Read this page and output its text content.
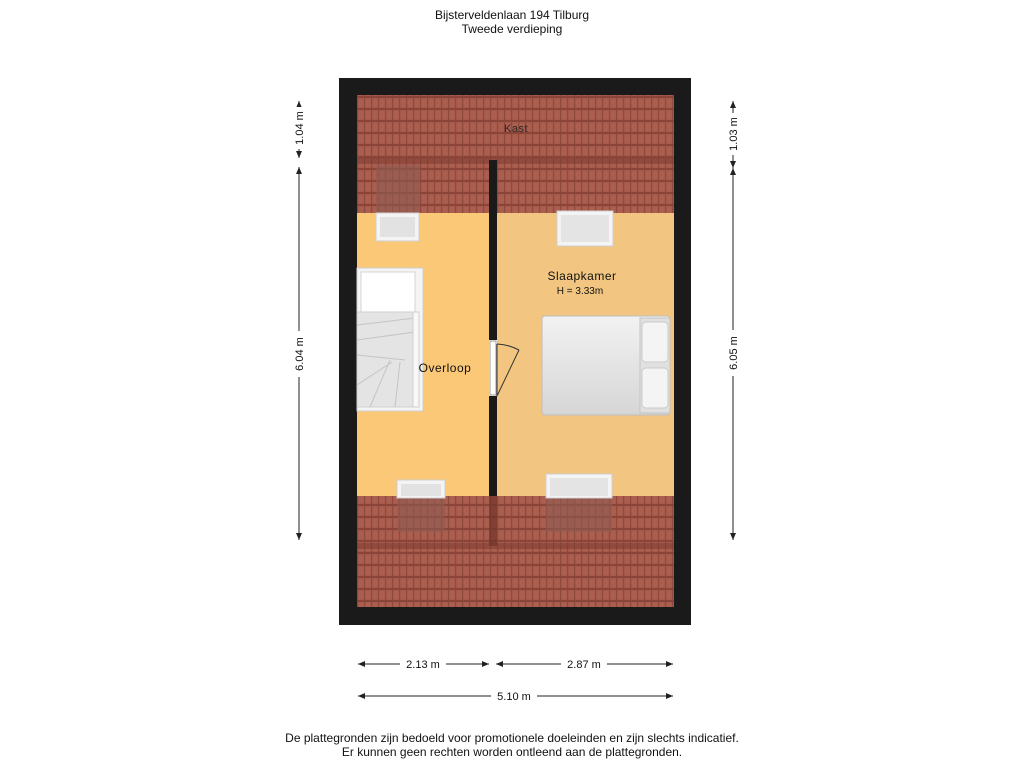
Bijsterveldenlaan 194 Tilburg
Tweede verdieping
Kast
Slaapkamer
H = 3.33m
Overloop
1.04 m
6.04 m
1.03 m
6.05 m
2.13 m	2.87 m
5.10 m
De plattegronden zijn bedoeld voor promotionele doeleinden en zijn slechts indicatief.
Er kunnen geen rechten worden ontleend aan de plattegronden.
